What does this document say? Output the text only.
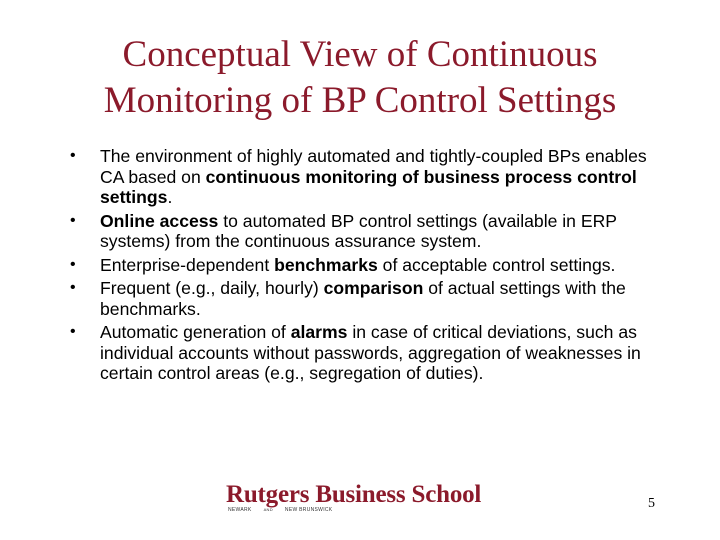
Conceptual View of Continuous
Monitoring of BP Control Settings
• The environment of highly automated and tightly-coupled BPs enables CA based on continuous monitoring of business process control settings.
• Online access to automated BP control settings (available in ERP systems) from the continuous assurance system.
• Enterprise-dependent benchmarks of acceptable control settings.
• Frequent (e.g., daily, hourly) comparison of actual settings with the benchmarks.
• Automatic generation of alarms in case of critical deviations, such as individual accounts without passwords, aggregation of weaknesses in certain control areas (e.g., segregation of duties).
Rutgers Business School
NEWARK	AND NEW BRUNSWICK	5
